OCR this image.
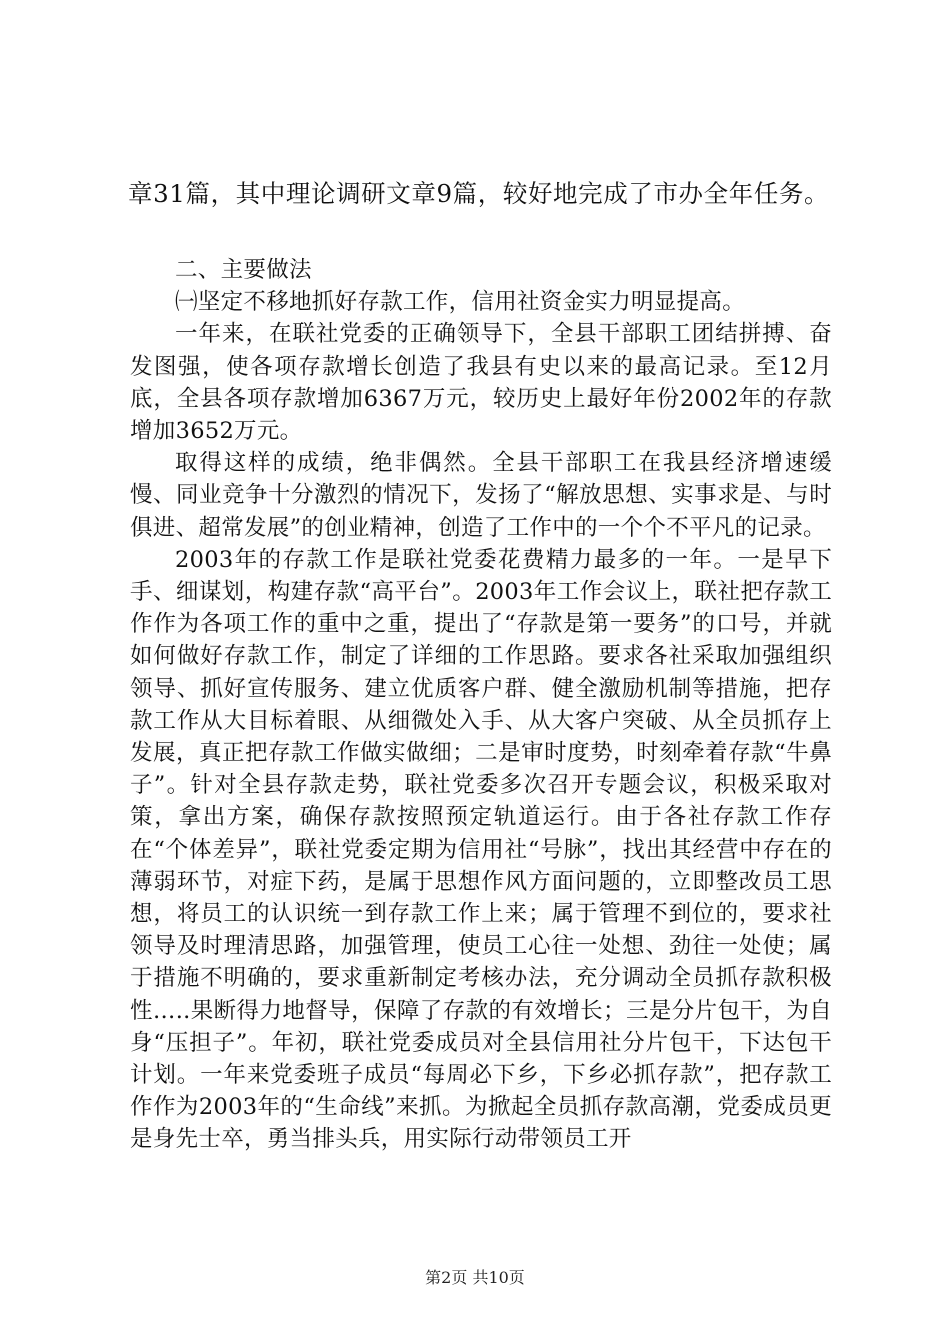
章31篇，其中理论调研文章9篇，较好地完成了市办全年任务。

二、主要做法

㈠坚定不移地抓好存款工作，信用社资金实力明显提高。

一年来，在联社党委的正确领导下，全县干部职工团结拼搏、奋发图强，使各项存款增长创造了我县有史以来的最高记录。至12月底，全县各项存款增加6367万元，较历史上最好年份2002年的存款增加3652万元。

取得这样的成绩，绝非偶然。全县干部职工在我县经济增速缓慢、同业竞争十分激烈的情况下，发扬了“解放思想、实事求是、与时俱进、超常发展”的创业精神，创造了工作中的一个个不平凡的记录。

2003年的存款工作是联社党委花费精力最多的一年。一是早下手、细谋划，构建存款“高平台”。2003年工作会议上，联社把存款工作作为各项工作的重中之重，提出了“存款是第一要务”的口号，并就如何做好存款工作，制定了详细的工作思路。要求各社采取加强组织领导、抓好宣传服务、建立优质客户群、健全激励机制等措施，把存款工作从大目标着眼、从细微处入手、从大客户突破、从全员抓存上发展，真正把存款工作做实做细；二是审时度势，时刻牵着存款“牛鼻子”。针对全县存款走势，联社党委多次召开专题会议，积极采取对策，拿出方案，确保存款按照预定轨道运行。由于各社存款工作存在“个体差异”，联社党委定期为信用社“号脉”，找出其经营中存在的薄弱环节，对症下药，是属于思想作风方面问题的，立即整改员工思想，将员工的认识统一到存款工作上来；属于管理不到位的，要求社领导及时理清思路，加强管理，使员工心往一处想、劲往一处使；属于措施不明确的，要求重新制定考核办法，充分调动全员抓存款积极性…..果断得力地督导，保障了存款的有效增长；三是分片包干，为自身“压担子”。年初，联社党委成员对全县信用社分片包干，下达包干计划。一年来党委班子成员“每周必下乡，下乡必抓存款”，把存款工作作为2003年的“生命线”来抓。为掀起全员抓存款高潮，党委成员更是身先士卒，勇当排头兵，用实际行动带领员工开

第2页 共10页
